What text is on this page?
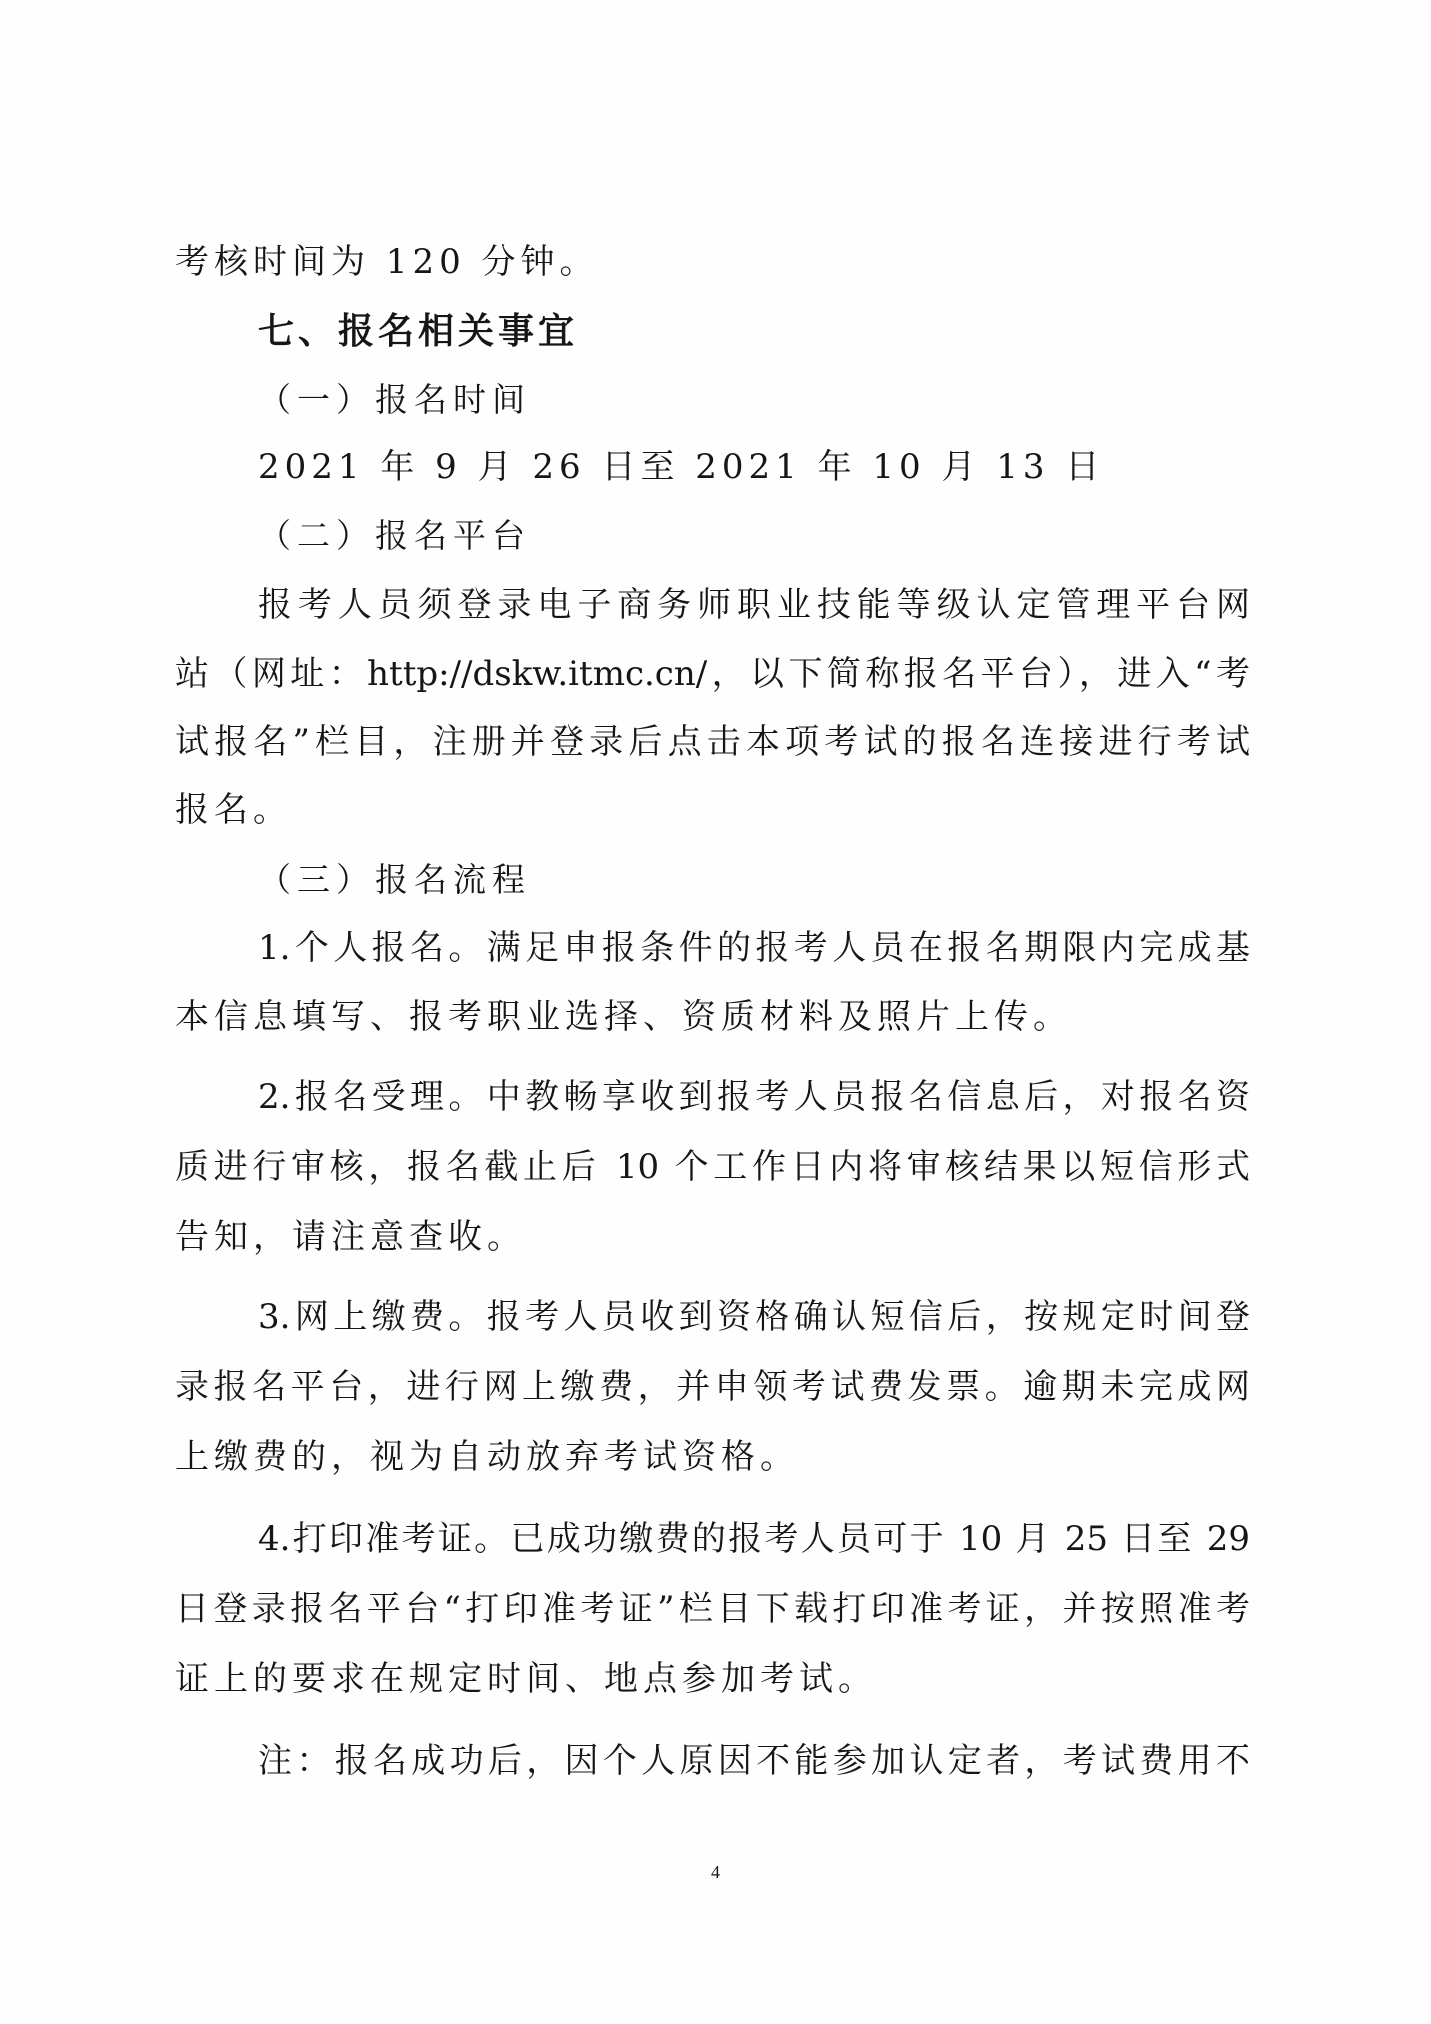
考核时间为 120 分钟。
七、报名相关事宜
（一）报名时间
2021 年 9 月 26 日至 2021 年 10 月 13 日
（二）报名平台
报考人员须登录电子商务师职业技能等级认定管理平台网
站（网址：http://dskw.itmc.cn/，以下简称报名平台），进入“考
试报名”栏目，注册并登录后点击本项考试的报名连接进行考试
报名。
（三）报名流程
1.个人报名。满足申报条件的报考人员在报名期限内完成基
本信息填写、报考职业选择、资质材料及照片上传。
2.报名受理。中教畅享收到报考人员报名信息后，对报名资
质进行审核，报名截止后 10 个工作日内将审核结果以短信形式
告知，请注意查收。
3.网上缴费。报考人员收到资格确认短信后，按规定时间登
录报名平台，进行网上缴费，并申领考试费发票。逾期未完成网
上缴费的，视为自动放弃考试资格。
4.打印准考证。已成功缴费的报考人员可于 10 月 25 日至 29
日登录报名平台“打印准考证”栏目下载打印准考证，并按照准考
证上的要求在规定时间、地点参加考试。
注：报名成功后，因个人原因不能参加认定者，考试费用不
4
